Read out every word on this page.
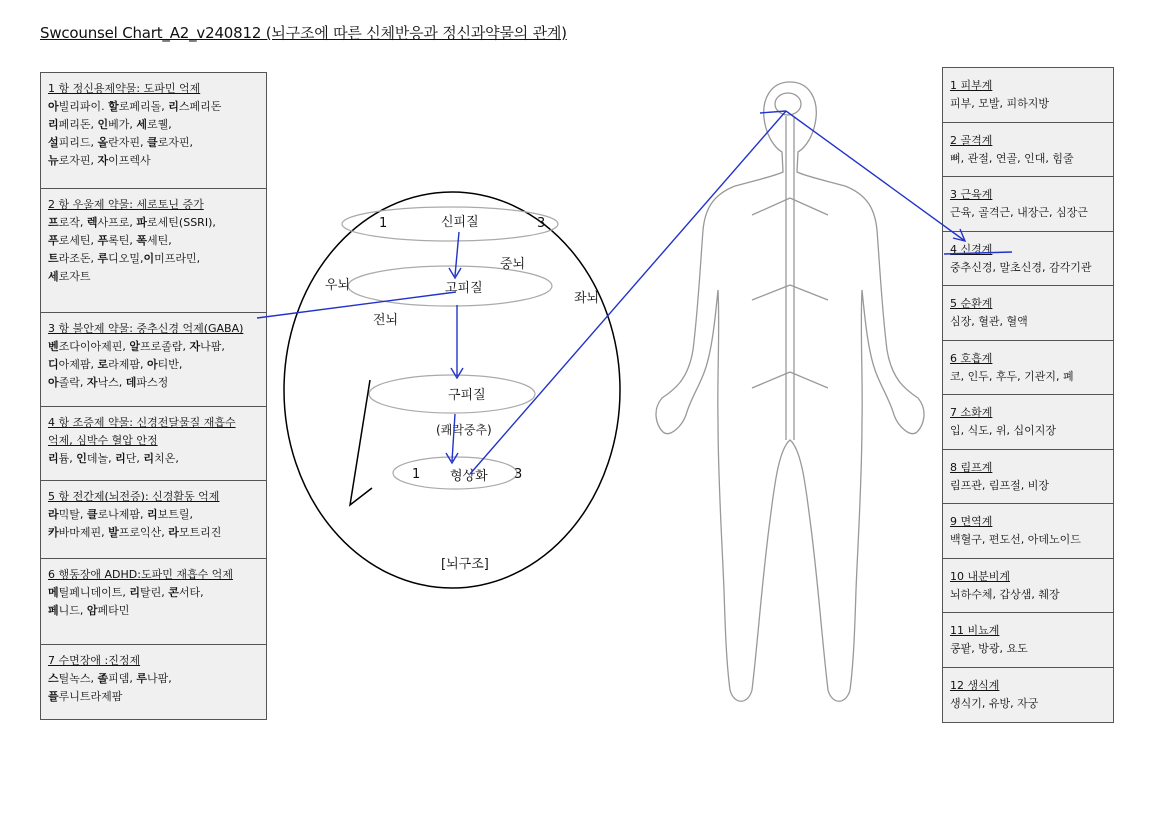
Swcounsel Chart_A2_v240812 (뇌구조에 따른 신체반응과 정신과약물의 관계)
1 항 정신용제약물: 도파민 억제
아빌리파이. 할로페리돌, 리스페리돈
리페리돈, 인베가, 세로퀠,
설피리드, 올란자핀, 클로자핀,
뉴로자핀, 자이프렉사
2 항 우울제 약물: 세로토닌 증가
프로작, 렉사프로, 파로세틴(SSRI),
푸로세틴, 푸록틴, 폭세틴,
트라조돈, 루디오밀,이미프라민,
세로자트
3 항 불안제 약물: 중추신경 억제(GABA)
벤조다이아제핀, 알프로졸람, 자나팜,
디아제팜, 로라제팜, 아티반,
아졸락, 자낙스, 데파스정
4 항 조증제 약물: 신경전달물질 재흡수
억제, 심박수 혈압 안정
리튬, 인데놀, 리단, 리치온,
5 항 전간제(뇌전증): 신경활동 억제
라믹탈, 클로나제팜, 리보트릴,
카바마제핀, 발프로익산, 라모트리진
6 행동장애 ADHD:도파민 재흡수 억제
메틸페니데이트, 리탈린, 콘서타,
페니드, 암페타민
7 수면장애 :진정제
스틸녹스, 졸피뎀, 루나팜,
플루니트라제팜
1 피부계
피부, 모발, 피하지방
2 골격계
뼈, 관절, 연골, 인대, 힘줄
3 근육계
근육, 골격근, 내장근, 심장근
4 신경계
중추신경, 말초신경, 감각기관
5 순환계
심장, 혈관, 혈액
6 호흡계
코, 인두, 후두, 기관지, 폐
7 소화계
입, 식도, 위, 십이지장
8 림프계
림프관, 림프절, 비장
9 면역계
백혈구, 편도선, 아데노이드
10 내분비계
뇌하수체, 갑상샘, 췌장
11 비뇨계
콩팥, 방광, 요도
12 생식계
생식기, 유방, 자궁
1	신피질	3
중뇌
우뇌	고피질
좌뇌
전뇌
구피질
(쾌락중추)
1 형상화 3
[뇌구조]
